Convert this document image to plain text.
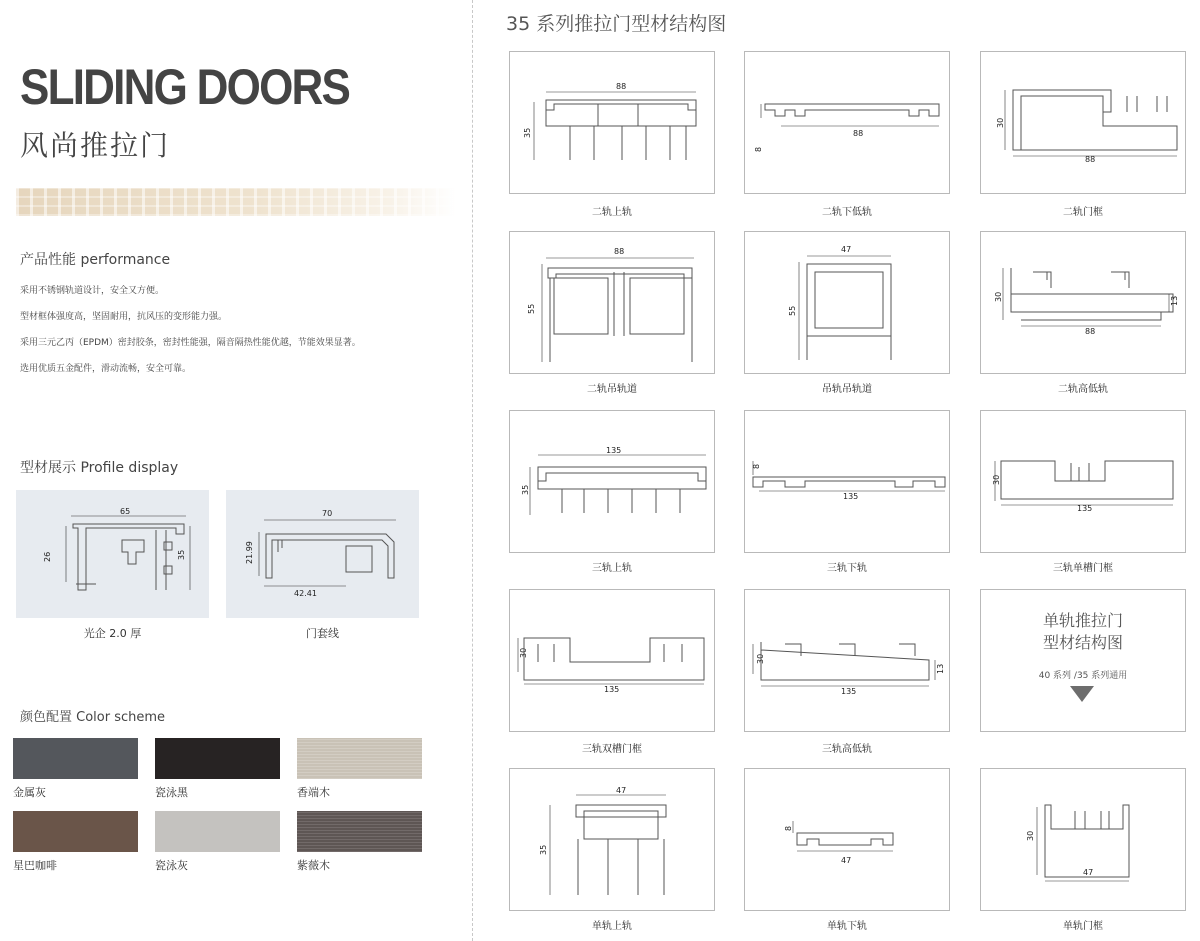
SLIDING DOORS
风尚推拉门
产品性能 performance

采用不锈钢轨道设计，安全又方便。

型材框体强度高，坚固耐用，抗风压的变形能力强。

采用三元乙丙（EPDM）密封胶条，密封性能强，隔音隔热性能优越，节能效果显著。

选用优质五金配件，滑动流畅，安全可靠。

型材展示 Profile display
65
26	35
光企 2.0 厚
70
21.99
42.41
门套线
颜色配置 Color scheme
金属灰	瓷泳黑	香端木
星巴咖啡	瓷泳灰	紫薇木
35 系列推拉门型材结构图
88
35
二轨上轨
88
8
二轨下低轨
30
88
二轨门框
88
55
二轨吊轨道
47
55
吊轨吊轨道
30	13
88
二轨高低轨
135
35
三轨上轨
8
135
三轨下轨
30
135
三轨单槽门框
30
135
三轨双槽门框
30
13
135
三轨高低轨
单轨推拉门
型材结构图
40 系列 /35 系列通用
47
35
单轨上轨
8
47
单轨下轨
30
47
单轨门框
